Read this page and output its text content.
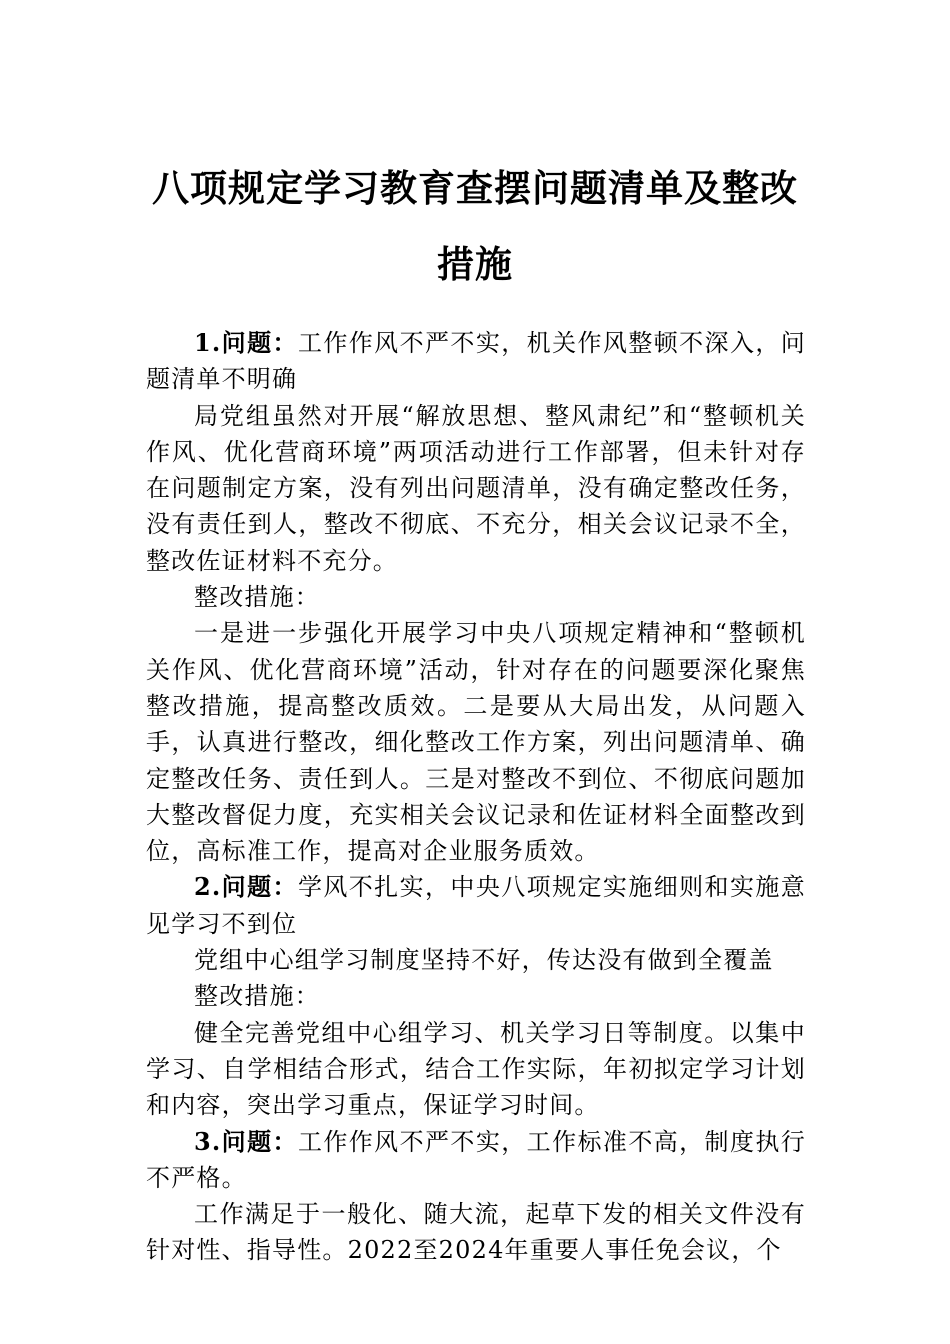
八项规定学习教育查摆问题清单及整改措施

1.问题：工作作风不严不实，机关作风整顿不深入，问题清单不明确

局党组虽然对开展“解放思想、整风肃纪”和“整顿机关作风、优化营商环境”两项活动进行工作部署，但未针对存在问题制定方案，没有列出问题清单，没有确定整改任务，没有责任到人，整改不彻底、不充分，相关会议记录不全，整改佐证材料不充分。

整改措施：

一是进一步强化开展学习中央八项规定精神和“整顿机关作风、优化营商环境”活动，针对存在的问题要深化聚焦整改措施，提高整改质效。二是要从大局出发，从问题入手，认真进行整改，细化整改工作方案，列出问题清单、确定整改任务、责任到人。三是对整改不到位、不彻底问题加大整改督促力度，充实相关会议记录和佐证材料全面整改到位，高标准工作，提高对企业服务质效。

2.问题：学风不扎实，中央八项规定实施细则和实施意见学习不到位

党组中心组学习制度坚持不好，传达没有做到全覆盖

整改措施：

健全完善党组中心组学习、机关学习日等制度。以集中学习、自学相结合形式，结合工作实际，年初拟定学习计划和内容，突出学习重点，保证学习时间。

3.问题：工作作风不严不实，工作标准不高，制度执行不严格。

工作满足于一般化、随大流，起草下发的相关文件没有针对性、指导性。2022至2024年重要人事任免会议，个
